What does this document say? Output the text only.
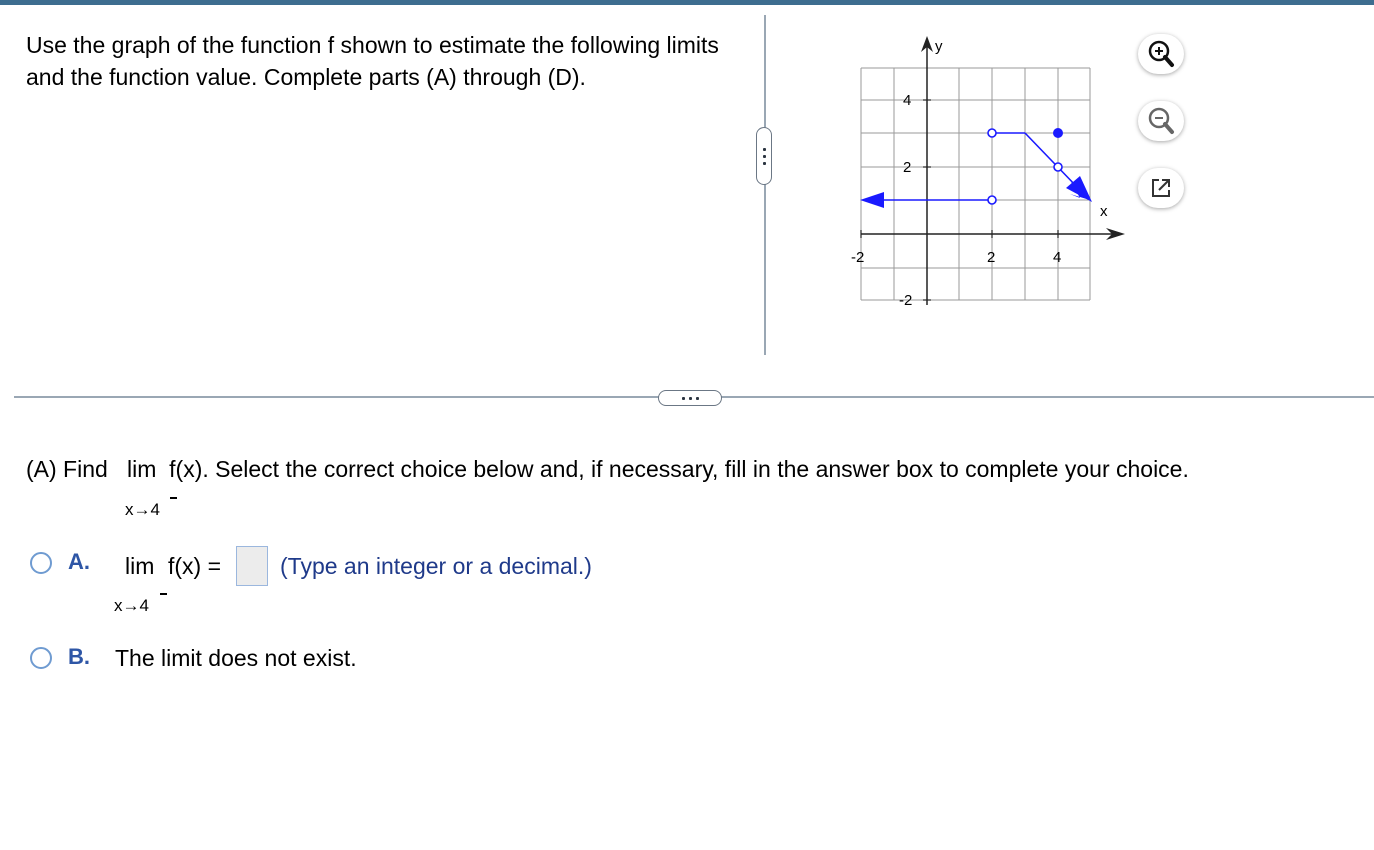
Use the graph of the function f shown to estimate the following limits and the function value. Complete parts (A) through (D).
x
y
-2	2	4
4
2
-2
(A) Find lim f(x). Select the correct choice below and, if necessary, fill in the answer box to complete your choice.
x→4
A. lim f(x) =
x→4
(Type an integer or a decimal.)
B. The limit does not exist.
